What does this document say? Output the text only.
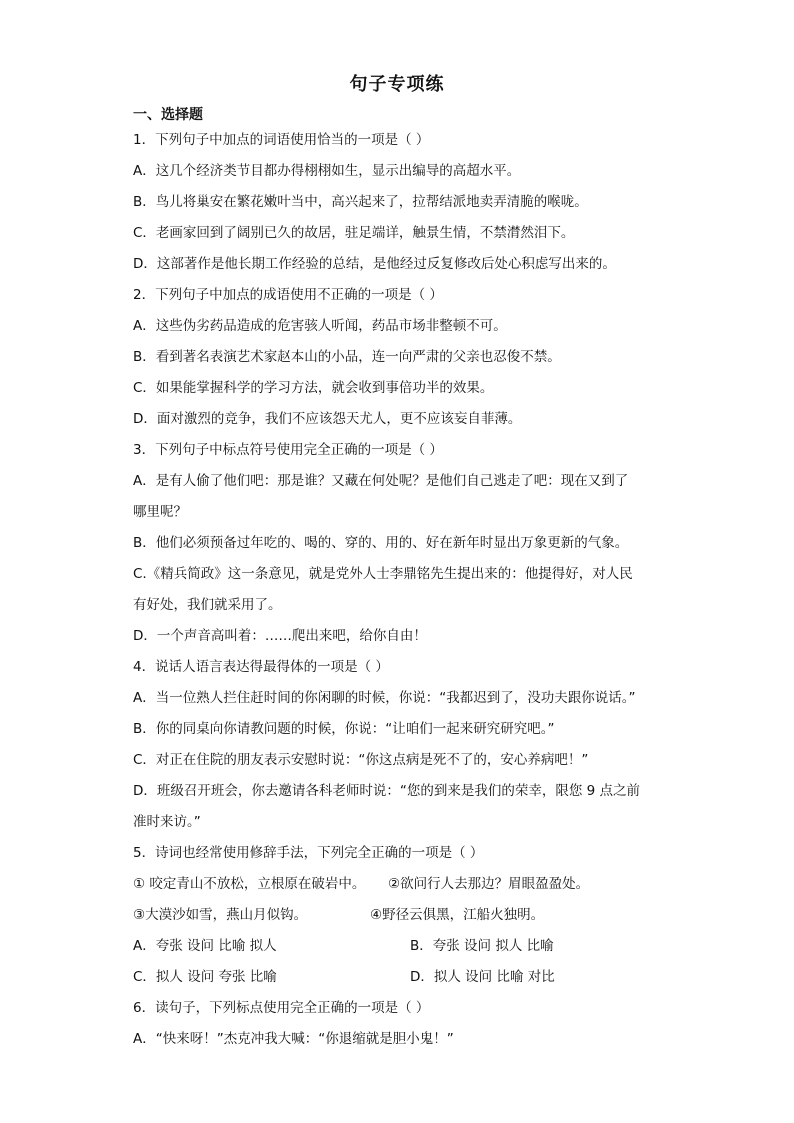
句子专项练
一、选择题
1．下列句子中加点的词语使用恰当的一项是（ ）
A．这几个经济类节目都办得栩栩如生，显示出编导的高超水平。
B．鸟儿将巢安在繁花嫩叶当中，高兴起来了，拉帮结派地卖弄清脆的喉咙。
C．老画家回到了阔别已久的故居，驻足端详，触景生情，不禁潸然泪下。
D．这部著作是他长期工作经验的总结，是他经过反复修改后处心积虑写出来的。
2．下列句子中加点的成语使用不正确的一项是（ ）
A．这些伪劣药品造成的危害骇人听闻，药品市场非整顿不可。
B．看到著名表演艺术家赵本山的小品，连一向严肃的父亲也忍俊不禁。
C．如果能掌握科学的学习方法，就会收到事倍功半的效果。
D．面对激烈的竞争，我们不应该怨天尤人，更不应该妄自菲薄。
3．下列句子中标点符号使用完全正确的一项是（ ）
A．是有人偷了他们吧：那是谁？又藏在何处呢？是他们自己逃走了吧：现在又到了
哪里呢？
B．他们必须预备过年吃的、喝的、穿的、用的、好在新年时显出万象更新的气象。
C.《精兵简政》这一条意见，就是党外人士李鼎铭先生提出来的：他提得好，对人民
有好处，我们就采用了。
D．一个声音高叫着：……爬出来吧，给你自由！
4．说话人语言表达得最得体的一项是（ ）
A．当一位熟人拦住赶时间的你闲聊的时候，你说：“我都迟到了，没功夫跟你说话。”
B．你的同桌向你请教问题的时候，你说：“让咱们一起来研究研究吧。”
C．对正在住院的朋友表示安慰时说：“你这点病是死不了的，安心养病吧！”
D．班级召开班会，你去邀请各科老师时说：“您的到来是我们的荣幸，限您 9 点之前
准时来访。”
5．诗词也经常使用修辞手法，下列完全正确的一项是（ ）
① 咬定青山不放松，立根原在破岩中。 ②欲问行人去那边？眉眼盈盈处。
③大漠沙如雪，燕山月似钩。	④野径云俱黑，江船火独明。
A．夸张 设问 比喻 拟人	B．夸张 设问 拟人 比喻
C．拟人 设问 夸张 比喻	D．拟人 设问 比喻 对比
6．读句子，下列标点使用完全正确的一项是（ ）
A．“快来呀！”杰克冲我大喊：“你退缩就是胆小鬼！”
